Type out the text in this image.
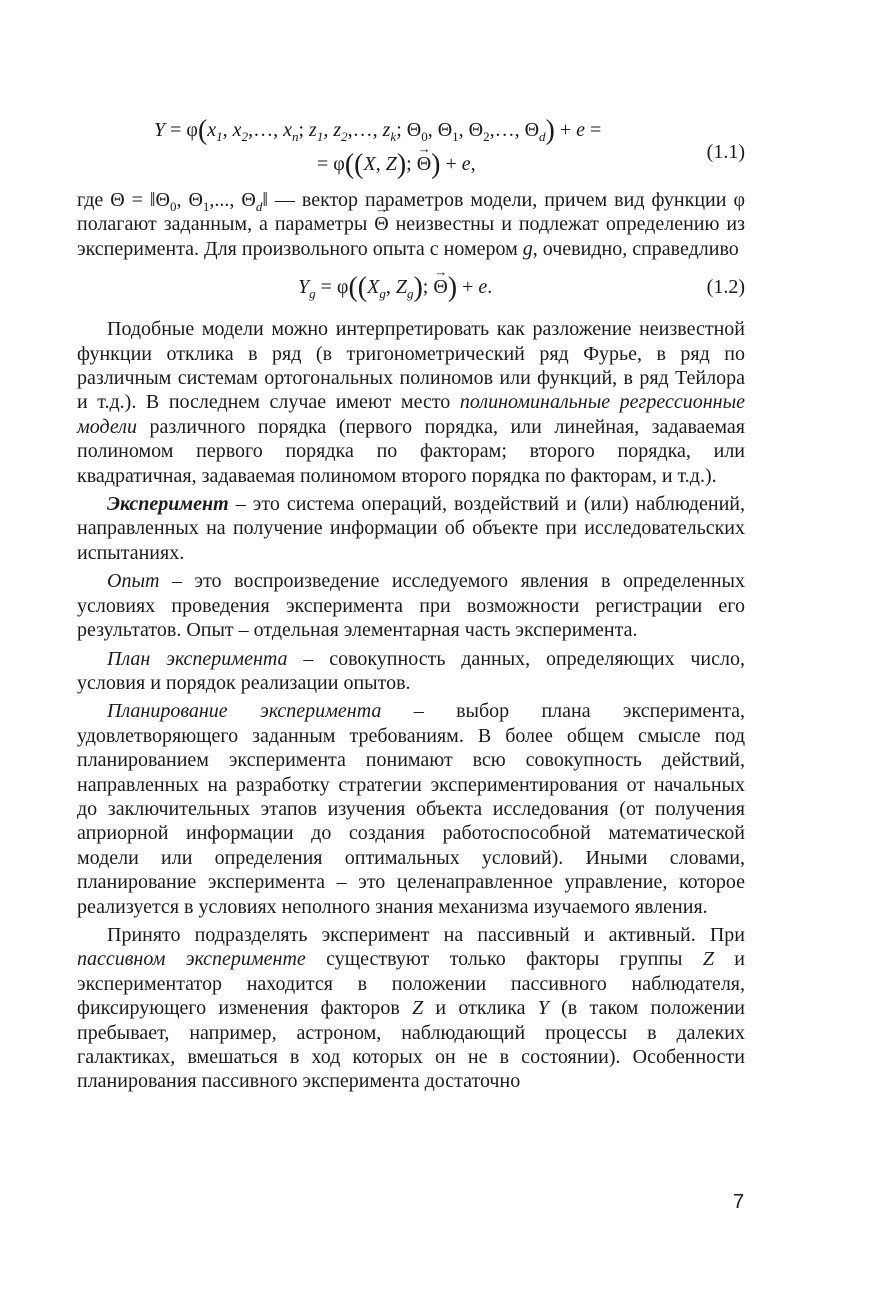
$Y = \varphi(x_1$, $x_2,\dots$, $x_n$; $z_1$, $z_2,\dots$, $z_k$; $\Theta_0$, $\Theta_1$, $\Theta_2,\dots$, $\Theta_d) + e$ =
= φ((X, Z); → Θ) + e,
(1.1)

где $\Theta = ‖\Theta_0$, $\Theta_1$,..., $\Theta_d‖$ — вектор параметров модели, причем вид функции φ полагают заданным, а параметры → Θ неизвестны и подлежат определению из эксперимента. Для произвольного опыта с номером g, очевидно, справедливо

$Y_g = \varphi((X_g$, $Z_g$); → Θ) + e.	(1.2)

Подобные модели можно интерпретировать как разложение неизвестной функции отклика в ряд (в тригонометрический ряд Фурье, в ряд по различным системам ортогональных полиномов или функций, в ряд Тейлора и т.д.). В последнем случае имеют место полиноминальные регрессионные модели различного порядка (первого порядка, или линейная, задаваемая полиномом первого порядка по факторам; второго порядка, или квадратичная, задаваемая полиномом второго порядка по факторам, и т.д.).

Эксперимент – это система операций, воздействий и (или) наблюдений, направленных на получение информации об объекте при исследовательских испытаниях.

Опыт – это воспроизведение исследуемого явления в определенных условиях проведения эксперимента при возможности регистрации его результатов. Опыт – отдельная элементарная часть эксперимента.

План эксперимента – совокупность данных, определяющих число, условия и порядок реализации опытов.

Планирование эксперимента – выбор плана эксперимента, удовлетворяющего заданным требованиям. В более общем смысле под планированием эксперимента понимают всю совокупность действий, направленных на разработку стратегии экспериментирования от начальных до заключительных этапов изучения объекта исследования (от получения априорной информации до создания работоспособной математической модели или определения оптимальных условий). Иными словами, планирование эксперимента – это целенаправленное управление, которое реализуется в условиях неполного знания механизма изучаемого явления.

Принято подразделять эксперимент на пассивный и активный. При пассивном эксперименте существуют только факторы группы Z и экспериментатор находится в положении пассивного наблюдателя, фиксирующего изменения факторов Z и отклика Y (в таком положении пребывает, например, астроном, наблюдающий процессы в далеких галактиках, вмешаться в ход которых он не в состоянии). Особенности планирования пассивного эксперимента достаточно

7
